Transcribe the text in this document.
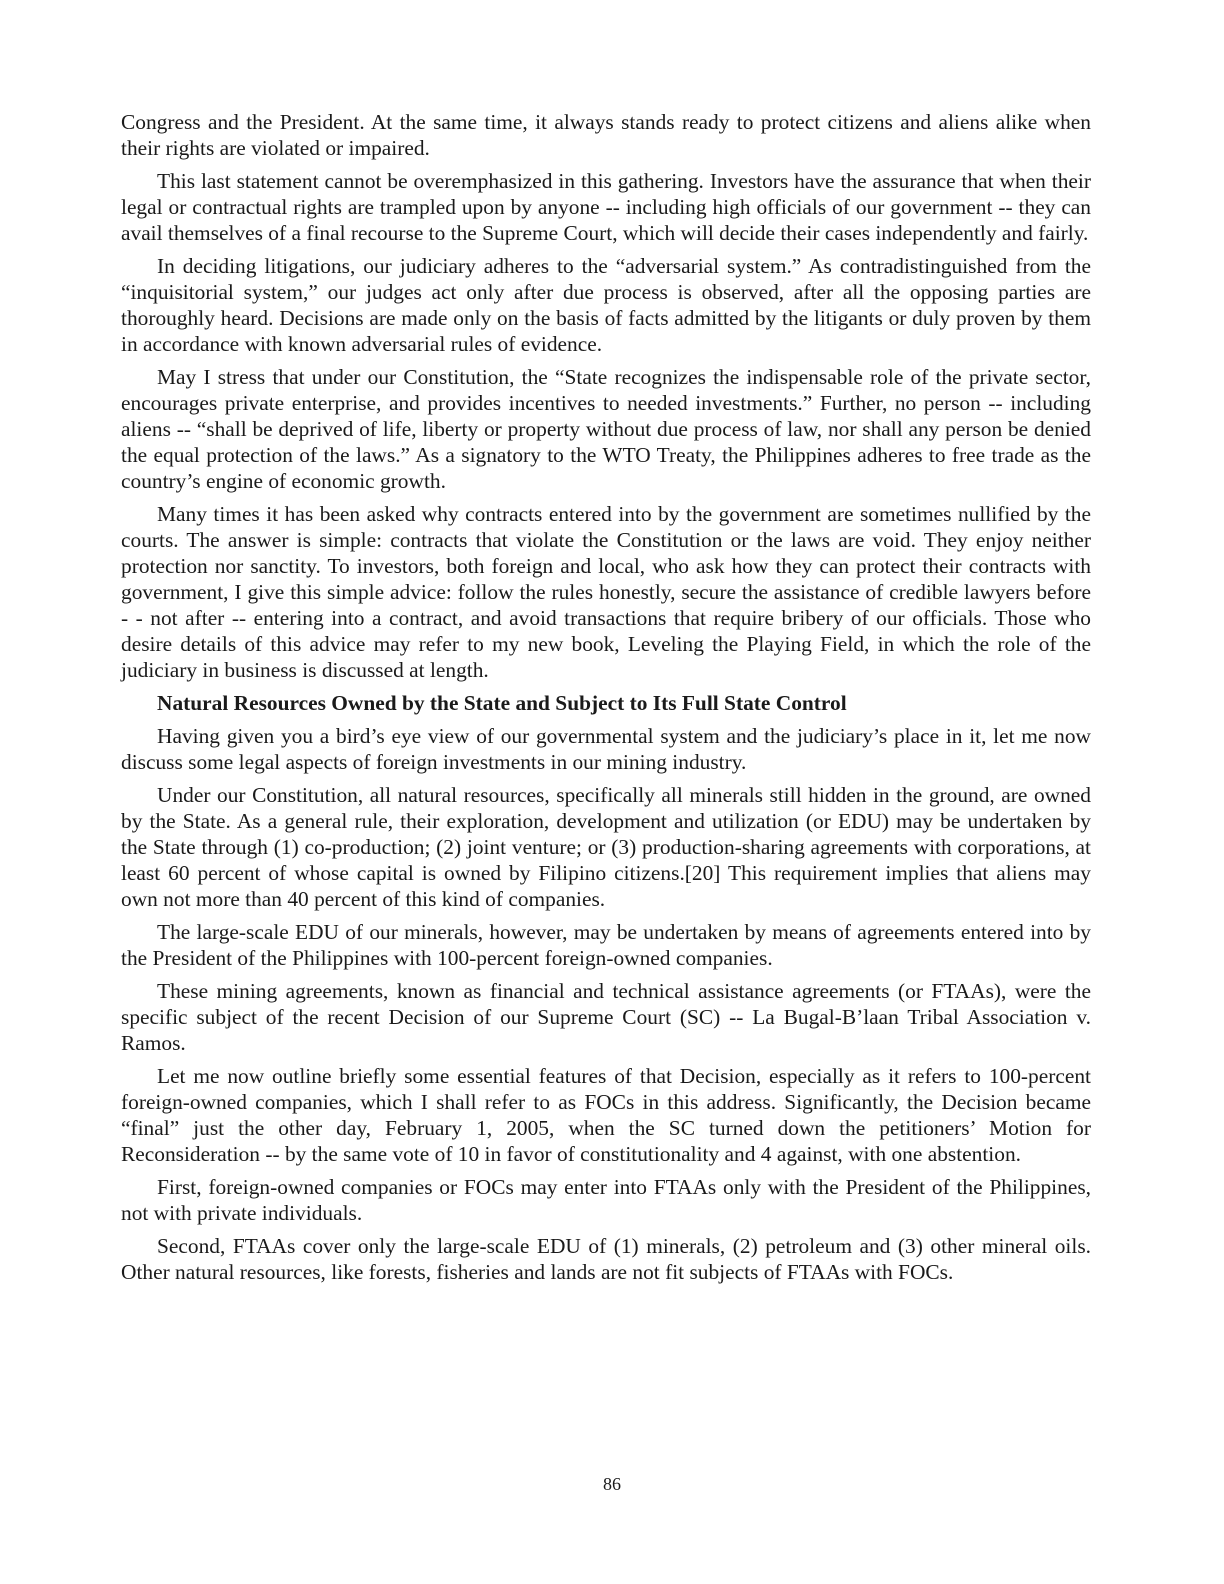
Congress and the President. At the same time, it always stands ready to protect citizens and aliens alike when their rights are violated or impaired.

This last statement cannot be overemphasized in this gathering. Investors have the assurance that when their legal or contractual rights are trampled upon by anyone -- including high officials of our government -- they can avail themselves of a final recourse to the Supreme Court, which will decide their cases independently and fairly.

In deciding litigations, our judiciary adheres to the “adversarial system.” As contradistinguished from the “inquisitorial system,” our judges act only after due process is observed, after all the opposing parties are thoroughly heard. Decisions are made only on the basis of facts admitted by the litigants or duly proven by them in accordance with known adversarial rules of evidence.

May I stress that under our Constitution, the “State recognizes the indispensable role of the private sector, encourages private enterprise, and provides incentives to needed investments.” Further, no person -- including aliens -- “shall be deprived of life, liberty or property without due process of law, nor shall any person be denied the equal protection of the laws.” As a signatory to the WTO Treaty, the Philippines adheres to free trade as the country’s engine of economic growth.

Many times it has been asked why contracts entered into by the government are sometimes nullified by the courts. The answer is simple: contracts that violate the Constitution or the laws are void. They enjoy neither protection nor sanctity. To investors, both foreign and local, who ask how they can protect their contracts with government, I give this simple advice: follow the rules honestly, secure the assistance of credible lawyers before - - not after -- entering into a contract, and avoid transactions that require bribery of our officials. Those who desire details of this advice may refer to my new book, Leveling the Playing Field, in which the role of the judiciary in business is discussed at length.

Natural Resources Owned by the State and Subject to Its Full State Control

Having given you a bird’s eye view of our governmental system and the judiciary’s place in it, let me now discuss some legal aspects of foreign investments in our mining industry.

Under our Constitution, all natural resources, specifically all minerals still hidden in the ground, are owned by the State. As a general rule, their exploration, development and utilization (or EDU) may be undertaken by the State through (1) co-production; (2) joint venture; or (3) production-sharing agreements with corporations, at least 60 percent of whose capital is owned by Filipino citizens.[20] This requirement implies that aliens may own not more than 40 percent of this kind of companies.

The large-scale EDU of our minerals, however, may be undertaken by means of agreements entered into by the President of the Philippines with 100-percent foreign-owned companies.

These mining agreements, known as financial and technical assistance agreements (or FTAAs), were the specific subject of the recent Decision of our Supreme Court (SC) -- La Bugal-B’laan Tribal Association v. Ramos.

Let me now outline briefly some essential features of that Decision, especially as it refers to 100-percent foreign-owned companies, which I shall refer to as FOCs in this address. Significantly, the Decision became “final” just the other day, February 1, 2005, when the SC turned down the petitioners’ Motion for Reconsideration -- by the same vote of 10 in favor of constitutionality and 4 against, with one abstention.

First, foreign-owned companies or FOCs may enter into FTAAs only with the President of the Philippines, not with private individuals.

Second, FTAAs cover only the large-scale EDU of (1) minerals, (2) petroleum and (3) other mineral oils. Other natural resources, like forests, fisheries and lands are not fit subjects of FTAAs with FOCs.

86
